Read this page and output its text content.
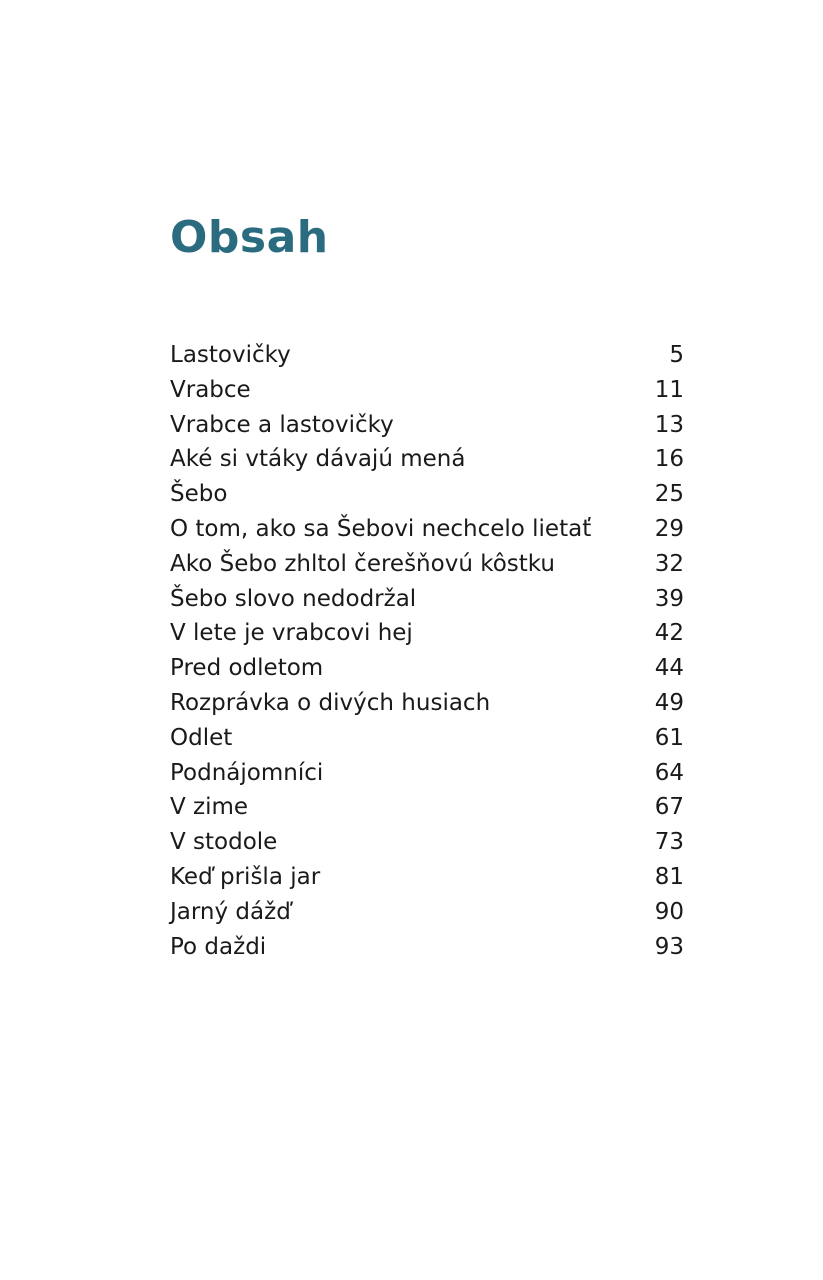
Obsah
Lastovičky	5
Vrabce	11
Vrabce a lastovičky	13
Aké si vtáky dávajú mená	16
Šebo	25
O tom, ako sa Šebovi nechcelo lietať	29
Ako Šebo zhltol čerešňovú kôstku	32
Šebo slovo nedodržal	39
V lete je vrabcovi hej	42
Pred odletom	44
Rozprávka o divých husiach	49
Odlet	61
Podnájomníci	64
V zime	67
V stodole	73
Keď prišla jar	81
Jarný dážď	90
Po daždi	93
